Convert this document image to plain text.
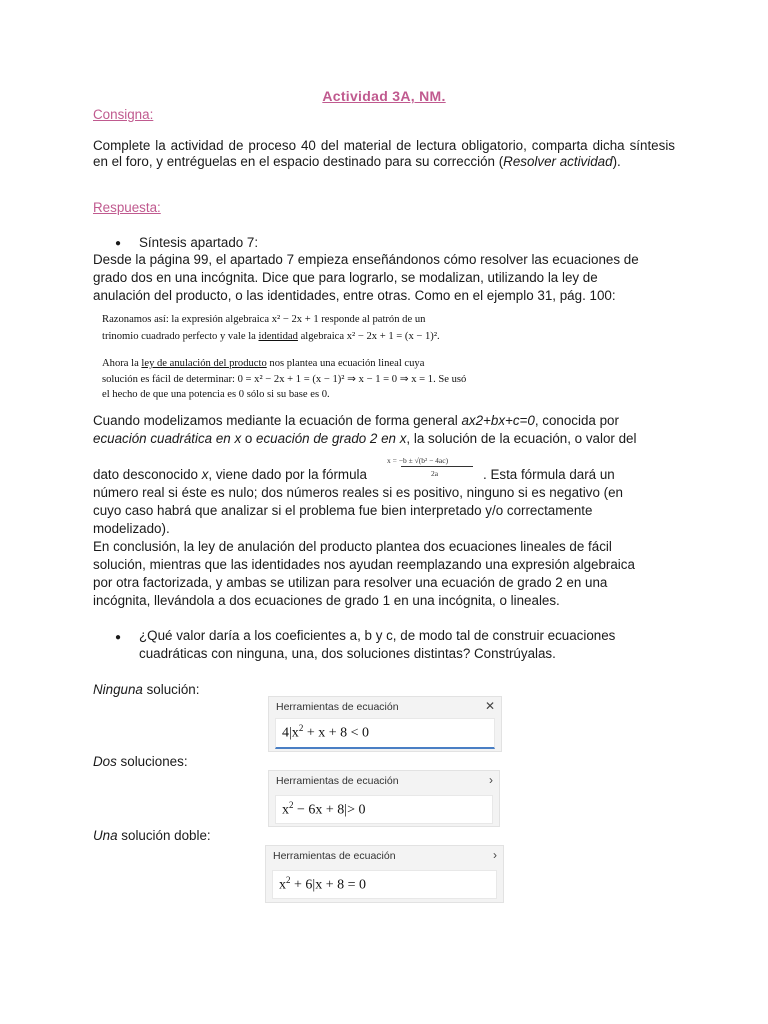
Actividad 3A, NM.
Consigna:
Complete la actividad de proceso 40 del material de lectura obligatorio, comparta dicha síntesis en el foro, y entréguelas en el espacio destinado para su corrección (Resolver actividad).
Respuesta:
● Síntesis apartado 7:
Desde la página 99, el apartado 7 empieza enseñándonos cómo resolver las ecuaciones de
grado dos en una incógnita. Dice que para lograrlo, se modalizan, utilizando la ley de
anulación del producto, o las identidades, entre otras. Como en el ejemplo 31, pág. 100:
Razonamos así: la expresión algebraica x² − 2x + 1 responde al patrón de un
trinomio cuadrado perfecto y vale la identidad algebraica x² − 2x + 1 = (x − 1)².
Ahora la ley de anulación del producto nos plantea una ecuación lineal cuya
solución es fácil de determinar: 0 = x² − 2x + 1 = (x − 1)² ⇒ x − 1 = 0 ⇒ x = 1. Se usó
el hecho de que una potencia es 0 sólo si su base es 0.
Cuando modelizamos mediante la ecuación de forma general ax2+bx+c=0, conocida por
ecuación cuadrática en x o ecuación de grado 2 en x, la solución de la ecuación, o valor del
dato desconocido x, viene dado por la fórmula
x = −b ± √(b² − 4ac)
2a	. Esta fórmula dará un
número real si éste es nulo; dos números reales si es positivo, ninguno si es negativo (en
cuyo caso habrá que analizar si el problema fue bien interpretado y/o correctamente
modelizado).
En conclusión, la ley de anulación del producto plantea dos ecuaciones lineales de fácil
solución, mientras que las identidades nos ayudan reemplazando una expresión algebraica
por otra factorizada, y ambas se utilizan para resolver una ecuación de grado 2 en una
incógnita, llevándola a dos ecuaciones de grado 1 en una incógnita, o lineales.
● ¿Qué valor daría a los coeficientes a, b y c, de modo tal de construir ecuaciones
cuadráticas con ninguna, una, dos soluciones distintas? Constrúyalas.
Ninguna solución:
Herramientas de ecuación	✕
$4|x^2 + x + 8 < 0$
Dos soluciones:
Herramientas de ecuación	›
$x^2 - 6x + 8|> 0$
Una solución doble:
Herramientas de ecuación	›
$x^2 + 6|x + 8 = 0$
